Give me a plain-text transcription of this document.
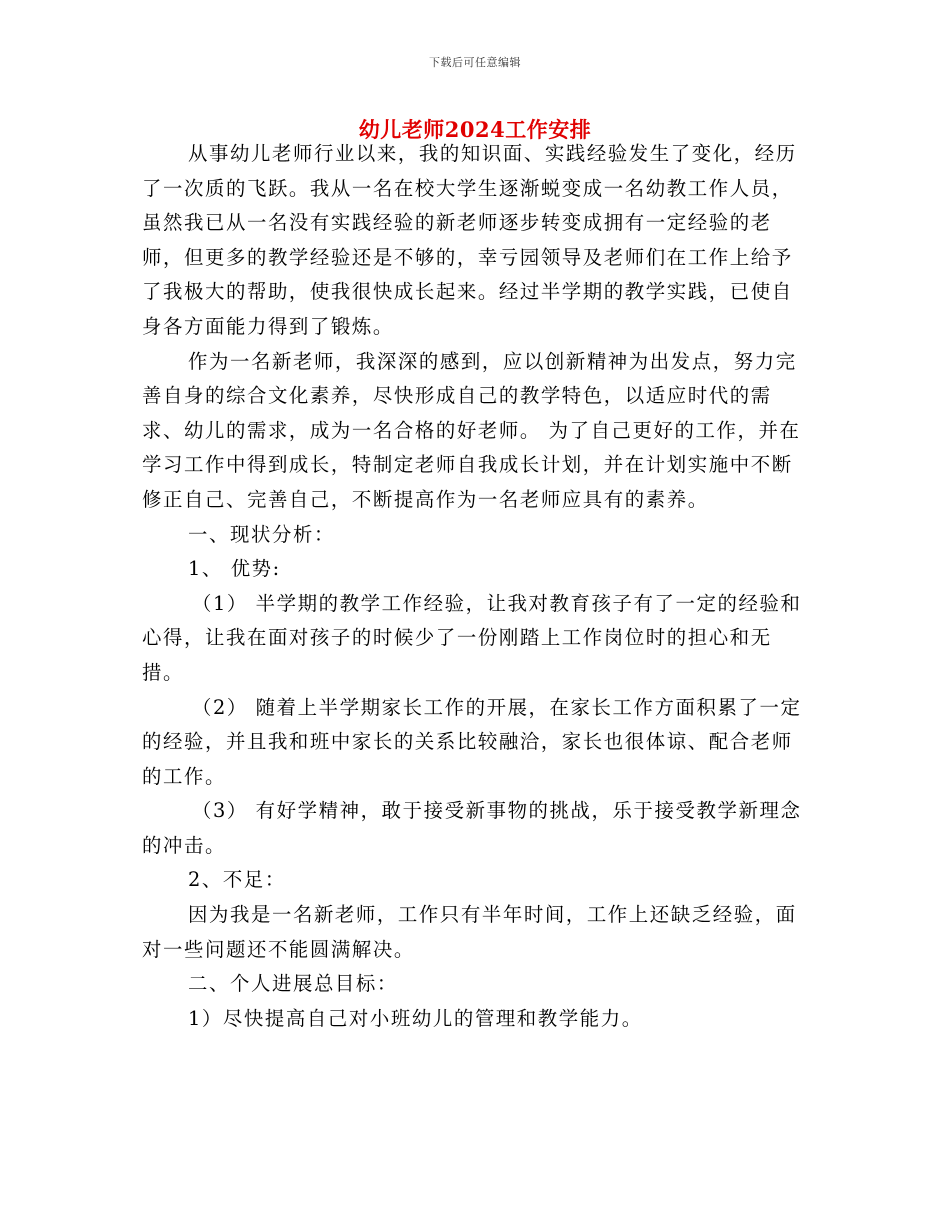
下载后可任意编辑
幼儿老师2024工作安排

从事幼儿老师行业以来，我的知识面、实践经验发生了变化，经历了一次质的飞跃。我从一名在校大学生逐渐蜕变成一名幼教工作人员，虽然我已从一名没有实践经验的新老师逐步转变成拥有一定经验的老师，但更多的教学经验还是不够的，幸亏园领导及老师们在工作上给予了我极大的帮助，使我很快成长起来。经过半学期的教学实践，已使自身各方面能力得到了锻炼。

作为一名新老师，我深深的感到，应以创新精神为出发点，努力完善自身的综合文化素养，尽快形成自己的教学特色，以适应时代的需求、幼儿的需求，成为一名合格的好老师。 为了自己更好的工作，并在学习工作中得到成长，特制定老师自我成长计划，并在计划实施中不断修正自己、完善自己，不断提高作为一名老师应具有的素养。

一、现状分析：

1、 优势:

（1） 半学期的教学工作经验，让我对教育孩子有了一定的经验和心得，让我在面对孩子的时候少了一份刚踏上工作岗位时的担心和无措。

（2） 随着上半学期家长工作的开展，在家长工作方面积累了一定的经验，并且我和班中家长的关系比较融洽，家长也很体谅、配合老师的工作。

（3） 有好学精神，敢于接受新事物的挑战，乐于接受教学新理念的冲击。

2、不足：

因为我是一名新老师，工作只有半年时间，工作上还缺乏经验，面对一些问题还不能圆满解决。

二、个人进展总目标：

1）尽快提高自己对小班幼儿的管理和教学能力。
